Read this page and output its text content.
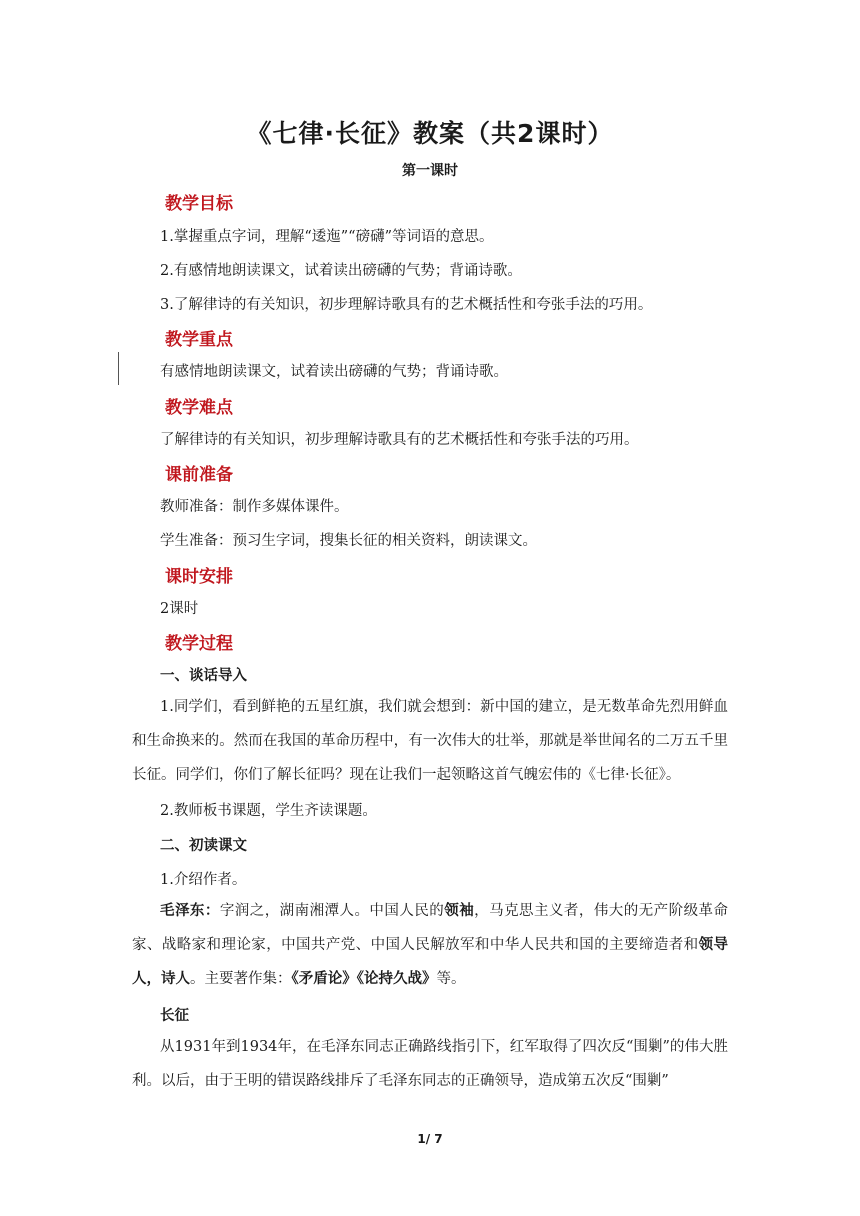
《七律·长征》教案（共2课时）
第一课时
教学目标
1.掌握重点字词，理解“逶迤”“磅礴”等词语的意思。
2.有感情地朗读课文，试着读出磅礴的气势；背诵诗歌。
3.了解律诗的有关知识，初步理解诗歌具有的艺术概括性和夸张手法的巧用。
教学重点
有感情地朗读课文，试着读出磅礴的气势；背诵诗歌。
教学难点
了解律诗的有关知识，初步理解诗歌具有的艺术概括性和夸张手法的巧用。
课前准备
教师准备：制作多媒体课件。
学生准备：预习生字词，搜集长征的相关资料，朗读课文。
课时安排
2课时
教学过程
一、谈话导入
1.同学们，看到鲜艳的五星红旗，我们就会想到：新中国的建立，是无数革命先烈用鲜血和生命换来的。然而在我国的革命历程中，有一次伟大的壮举，那就是举世闻名的二万五千里长征。同学们，你们了解长征吗？现在让我们一起领略这首气魄宏伟的《七律·长征》。
2.教师板书课题，学生齐读课题。
二、初读课文
1.介绍作者。
毛泽东：字润之，湖南湘潭人。中国人民的领袖，马克思主义者，伟大的无产阶级革命家、战略家和理论家，中国共产党、中国人民解放军和中华人民共和国的主要缔造者和领导人，诗人。主要著作集：《矛盾论》《论持久战》等。
长征
从1931年到1934年，在毛泽东同志正确路线指引下，红军取得了四次反“围剿”的伟大胜利。以后，由于王明的错误路线排斥了毛泽东同志的正确领导，造成第五次反“围剿”
1/ 7
